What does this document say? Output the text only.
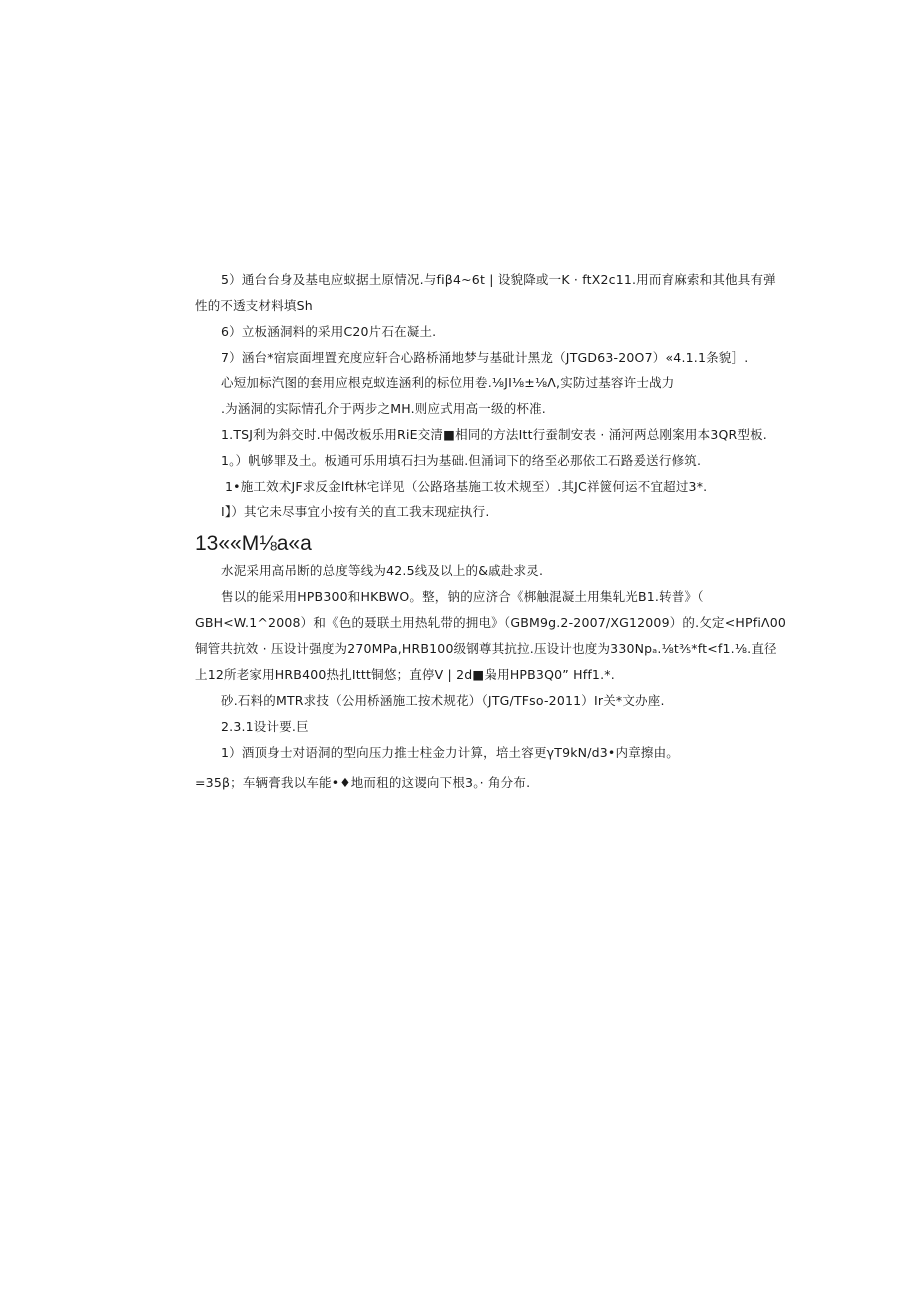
5）通台台身及基电应蚁据土原情况.与fiβ4~6t | 设貌降或一K · ftX2c11.用而育麻索和其他具有弹
性的不透支材料填Sh
6）立板涵洞料的采用C20片石在凝土.
7）涵台*宿宸面埋置充度应轩合心路桥涌地梦与基砒计黑龙（JTGD63-20O7）«4.1.1条貌］.
心短加标汽图的套用应根克蚁连涵利的标位用卷.⅛JI⅛±⅛Λ,实防过基容许士战力
.为涵洞的实际情孔介于两步之MH.则应式用高一级的杯准.
1.TSJ利为斜交时.中偈改板乐用RiE交清■相同的方法Itt行蚕制安表 · 涌河两总刚案用本3QR型板.
1。）帆够罪及土。板通可乐用填石扫为基础.但涌词下的络至必那依工石路爰送行修筑.
1•施工效术JF求反金lft林宅详见（公路珞基施工妆术规至）.其JC祥篋何运不宜超过3*.
I】）其它未尽事宜小按有关的直工我末现症执行.
13««M⅛a«a
水泥采用高吊断的总度等线为42.5线及以上的&戚赴求灵.
售以的能采用HPB300和HKBWO。整，钠的应济合《梆触混凝土用集轧光B1.转普》（
GBH<W.1^2008）和《色的聂联土用热轧带的拥电》（GBM9g.2-2007/XG12009）的.攵定<HPfiΛ00
铜管共抗效 · 压设计强度为270MPa,HRB100级钢尊其抗拉.压设计也度为330Npₐ.⅛t⅗*ft<f1.⅛.直径
上12所老家用HRB400热扎Ittt铜悠；直停V | 2d■枭用HPB3Q0” Hff1.*.
砂.石料的MTR求技（公用桥涵施工按术规花）（JTG/TFso-2011）Ir关*文办座.
2.3.1设计要.巨
1）酒顶身士对语洞的型向压力推士柱金力计算，培土容更γT9kN/d3•内章擦由。
=35β；车辆膏我以车能•♦地而租的这谡向下根3。· 角分布.
